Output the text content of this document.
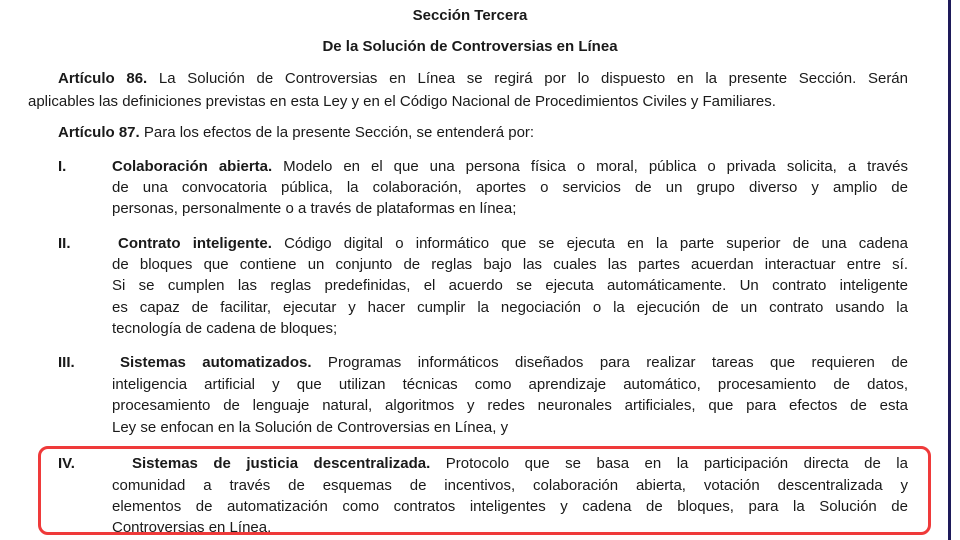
Sección Tercera

De la Solución de Controversias en Línea

Artículo 86. La Solución de Controversias en Línea se regirá por lo dispuesto en la presente Sección. Serán

aplicables las definiciones previstas en esta Ley y en el Código Nacional de Procedimientos Civiles y Familiares.

Artículo 87. Para los efectos de la presente Sección, se entenderá por:

I.	Colaboración abierta. Modelo en el que una persona física o moral, pública o privada solicita, a través

de una convocatoria pública, la colaboración, aportes o servicios de un grupo diverso y amplio de

personas, personalmente o a través de plataformas en línea;

II.	Contrato inteligente. Código digital o informático que se ejecuta en la parte superior de una cadena

de bloques que contiene un conjunto de reglas bajo las cuales las partes acuerdan interactuar entre sí.

Si se cumplen las reglas predefinidas, el acuerdo se ejecuta automáticamente. Un contrato inteligente

es capaz de facilitar, ejecutar y hacer cumplir la negociación o la ejecución de un contrato usando la

tecnología de cadena de bloques;

III.	Sistemas automatizados. Programas informáticos diseñados para realizar tareas que requieren de

inteligencia artificial y que utilizan técnicas como aprendizaje automático, procesamiento de datos,

procesamiento de lenguaje natural, algoritmos y redes neuronales artificiales, que para efectos de esta

Ley se enfocan en la Solución de Controversias en Línea, y

IV.	Sistemas de justicia descentralizada. Protocolo que se basa en la participación directa de la

comunidad a través de esquemas de incentivos, colaboración abierta, votación descentralizada y

elementos de automatización como contratos inteligentes y cadena de bloques, para la Solución de

Controversias en Línea.
